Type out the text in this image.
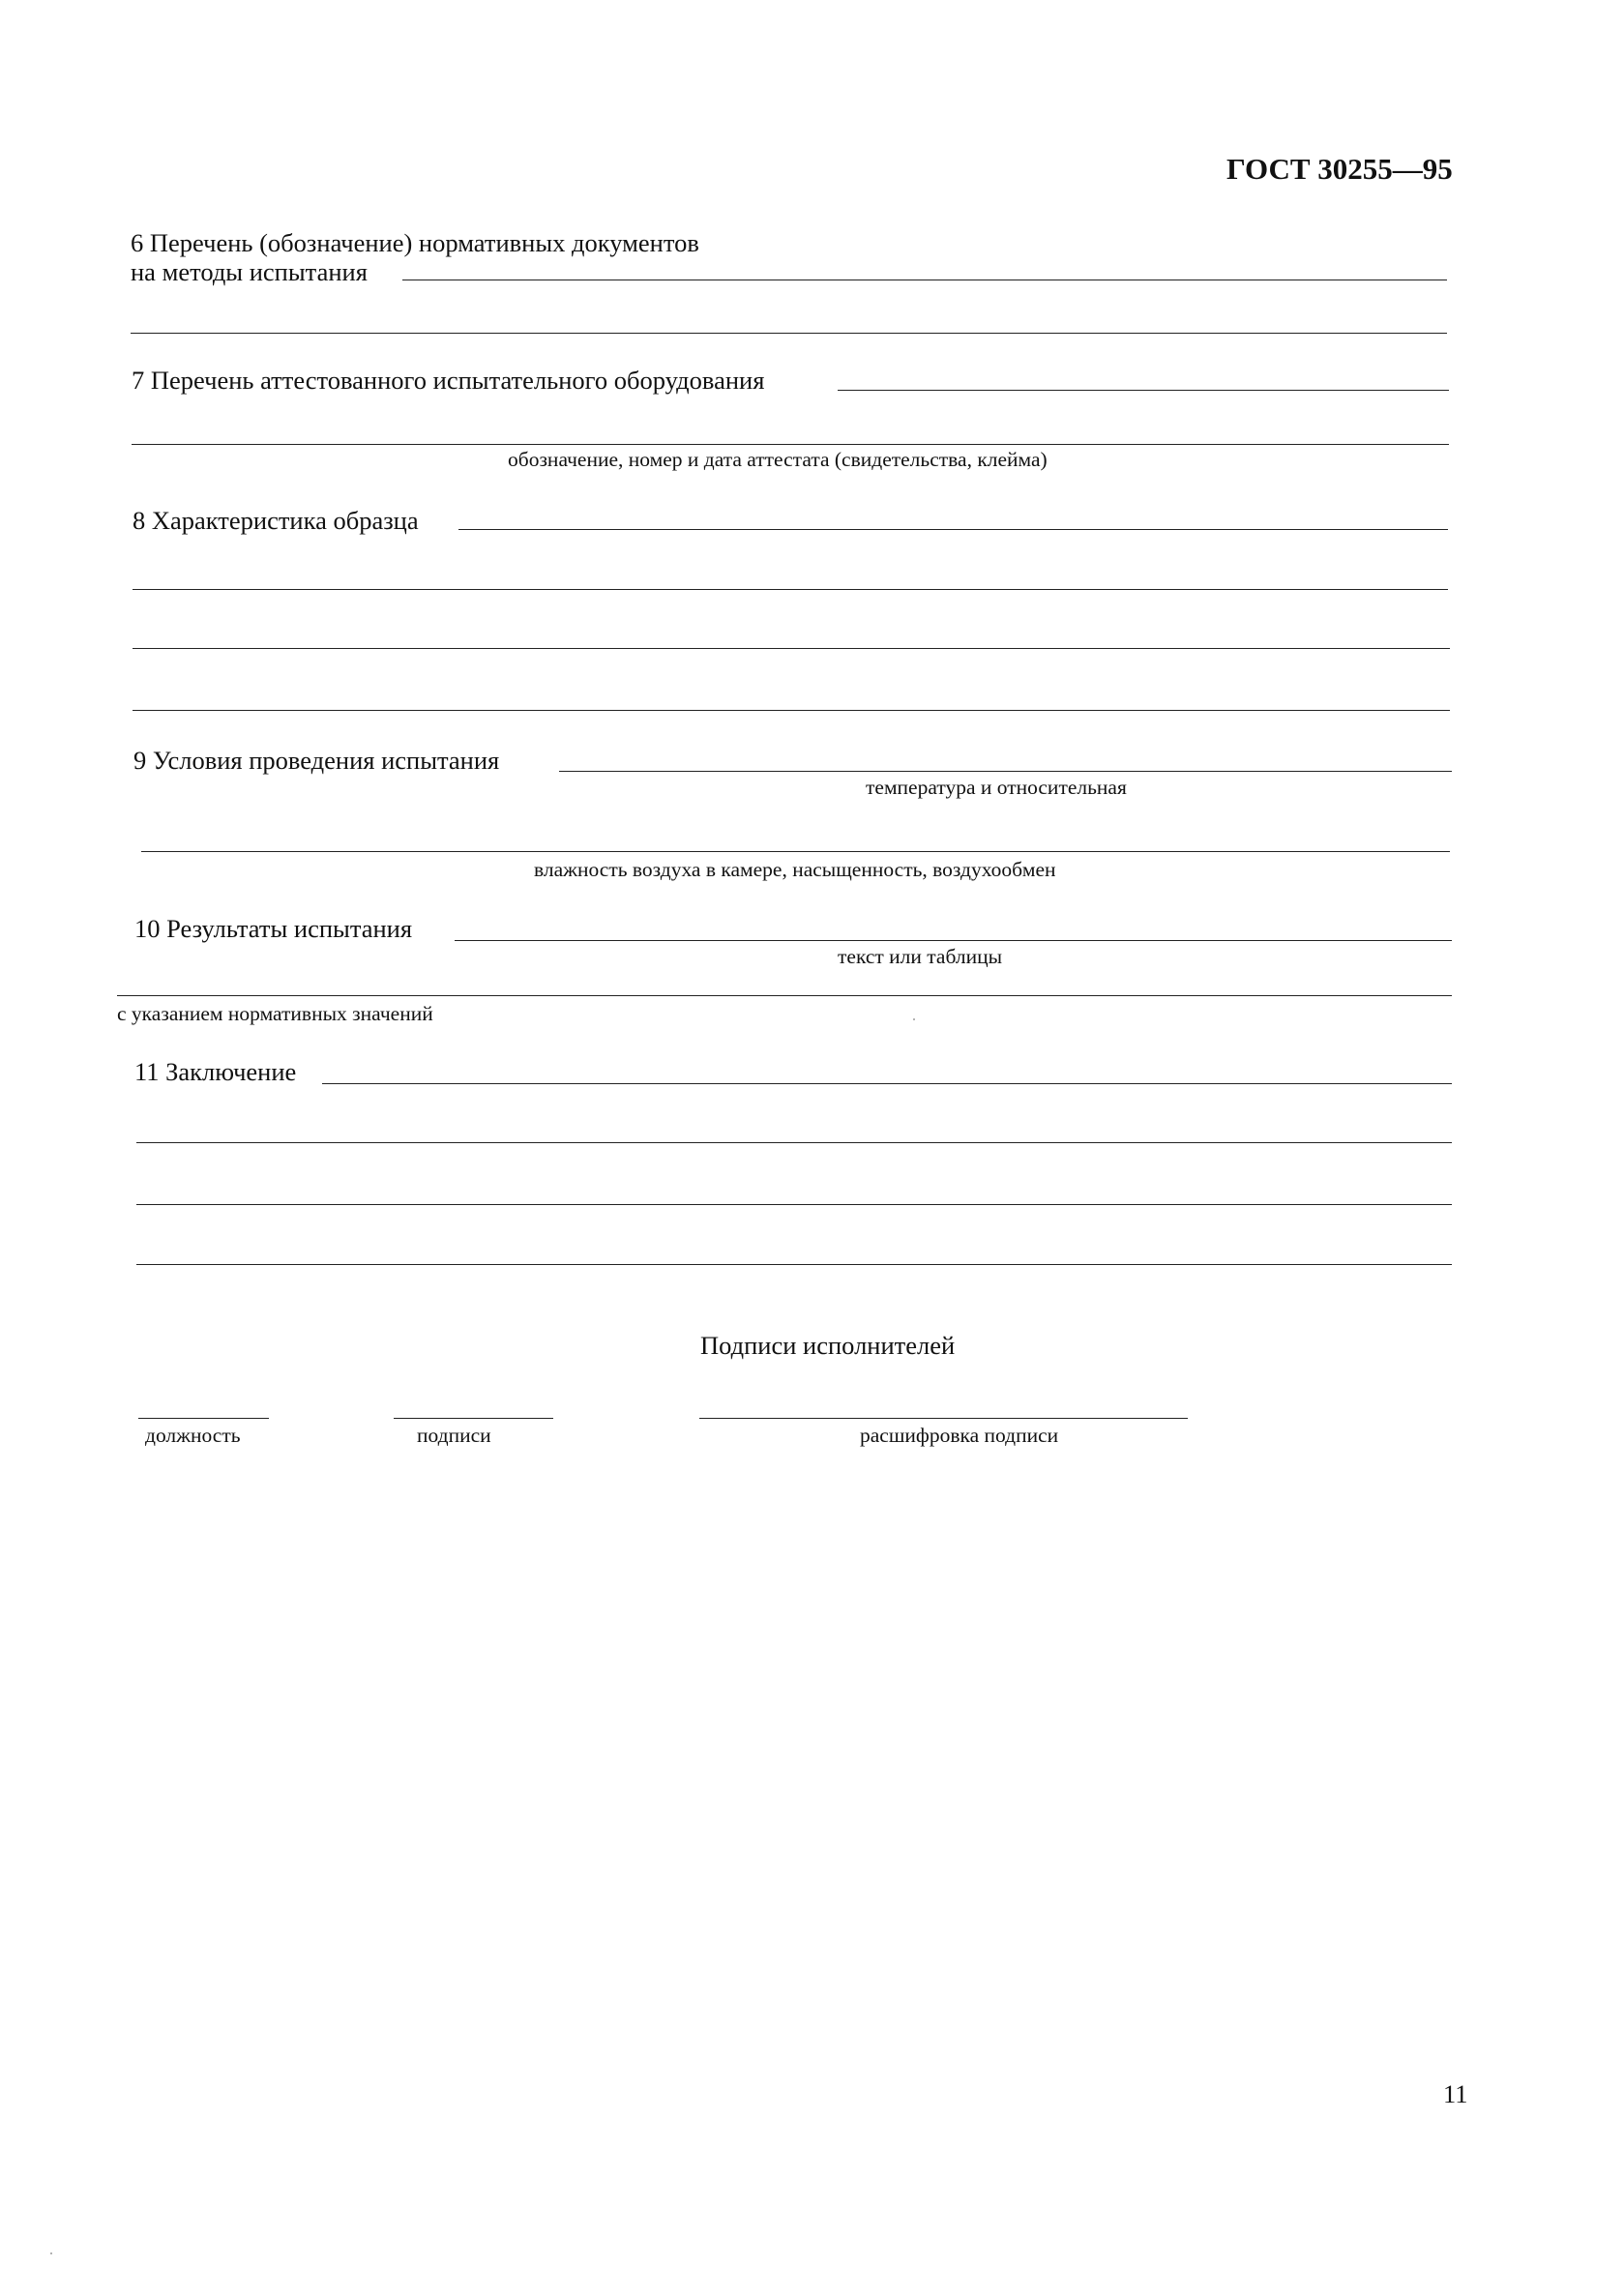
ГОСТ 30255—95
6 Перечень (обозначение) нормативных документов
на методы испытания
7 Перечень аттестованного испытательного оборудования
обозначение, номер и дата аттестата (свидетельства, клейма)
8 Характеристика образца
9 Условия проведения испытания
температура и относительная
влажность воздуха в камере, насыщенность, воздухообмен
10 Результаты испытания
текст или таблицы
с указанием нормативных значений
11 Заключение
Подписи исполнителей
должность	подписи	расшифровка подписи
11
